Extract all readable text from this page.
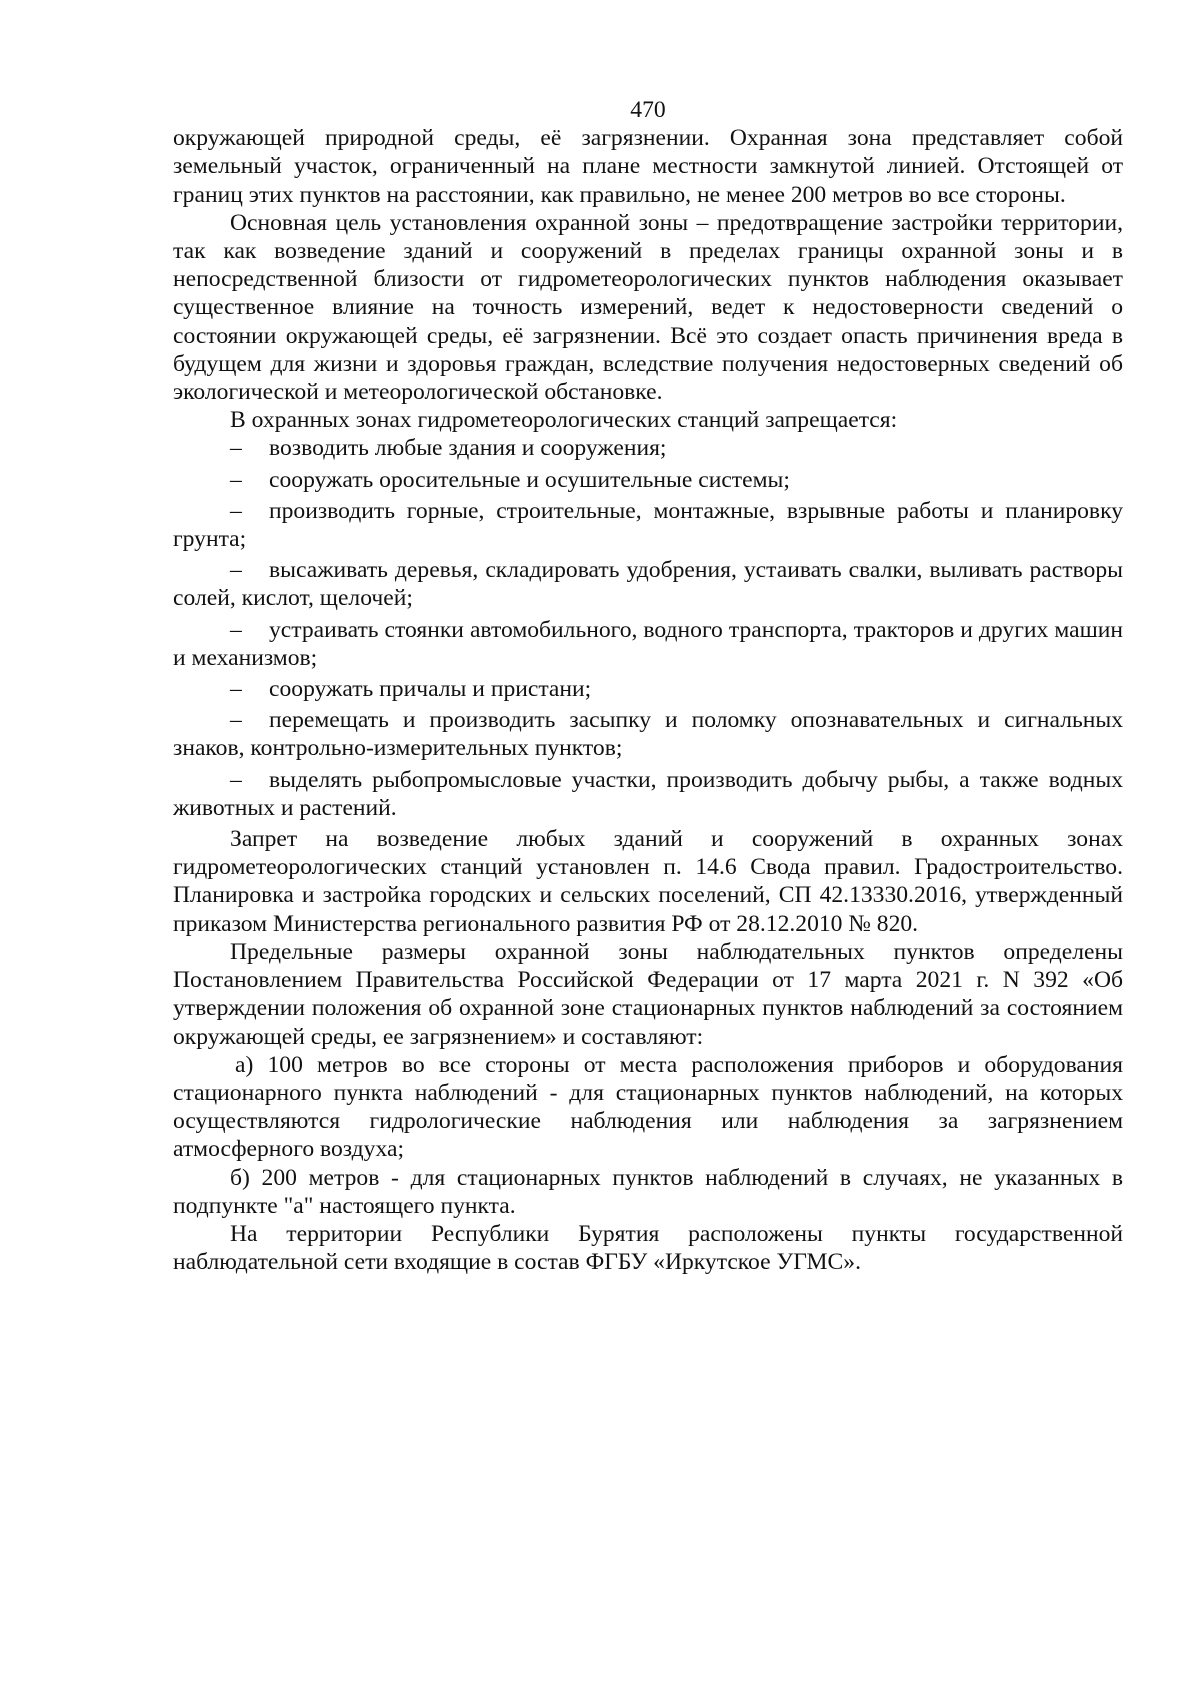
470

окружающей природной среды, её загрязнении. Охранная зона представляет собой земельный участок, ограниченный на плане местности замкнутой линией. Отстоящей от границ этих пунктов на расстоянии, как правильно, не менее 200 метров во все стороны.

Основная цель установления охранной зоны – предотвращение застройки территории, так как возведение зданий и сооружений в пределах границы охранной зоны и в непосредственной близости от гидрометеорологических пунктов наблюдения оказывает существенное влияние на точность измерений, ведет к недостоверности сведений о состоянии окружающей среды, её загрязнении. Всё это создает опасть причинения вреда в будущем для жизни и здоровья граждан, вследствие получения недостоверных сведений об экологической и метеорологической обстановке.

В охранных зонах гидрометеорологических станций запрещается:

– возводить любые здания и сооружения;
– сооружать оросительные и осушительные системы;
– производить горные, строительные, монтажные, взрывные работы и планировку грунта;
– высаживать деревья, складировать удобрения, устаивать свалки, выливать растворы солей, кислот, щелочей;
– устраивать стоянки автомобильного, водного транспорта, тракторов и других машин и механизмов;
– сооружать причалы и пристани;
– перемещать и производить засыпку и поломку опознавательных и сигнальных знаков, контрольно-измерительных пунктов;
– выделять рыбопромысловые участки, производить добычу рыбы, а также водных животных и растений.

Запрет на возведение любых зданий и сооружений в охранных зонах гидрометеорологических станций установлен п. 14.6 Свода правил. Градостроительство. Планировка и застройка городских и сельских поселений, СП 42.13330.2016, утвержденный приказом Министерства регионального развития РФ от 28.12.2010 № 820.

Предельные размеры охранной зоны наблюдательных пунктов определены Постановлением Правительства Российской Федерации от 17 марта 2021 г. N 392 «Об утверждении положения об охранной зоне стационарных пунктов наблюдений за состоянием окружающей среды, ее загрязнением» и составляют:

а) 100 метров во все стороны от места расположения приборов и оборудования стационарного пункта наблюдений - для стационарных пунктов наблюдений, на которых осуществляются гидрологические наблюдения или наблюдения за загрязнением атмосферного воздуха;

б) 200 метров - для стационарных пунктов наблюдений в случаях, не указанных в подпункте "а" настоящего пункта.

На территории Республики Бурятия расположены пункты государственной наблюдательной сети входящие в состав ФГБУ «Иркутское УГМС».
